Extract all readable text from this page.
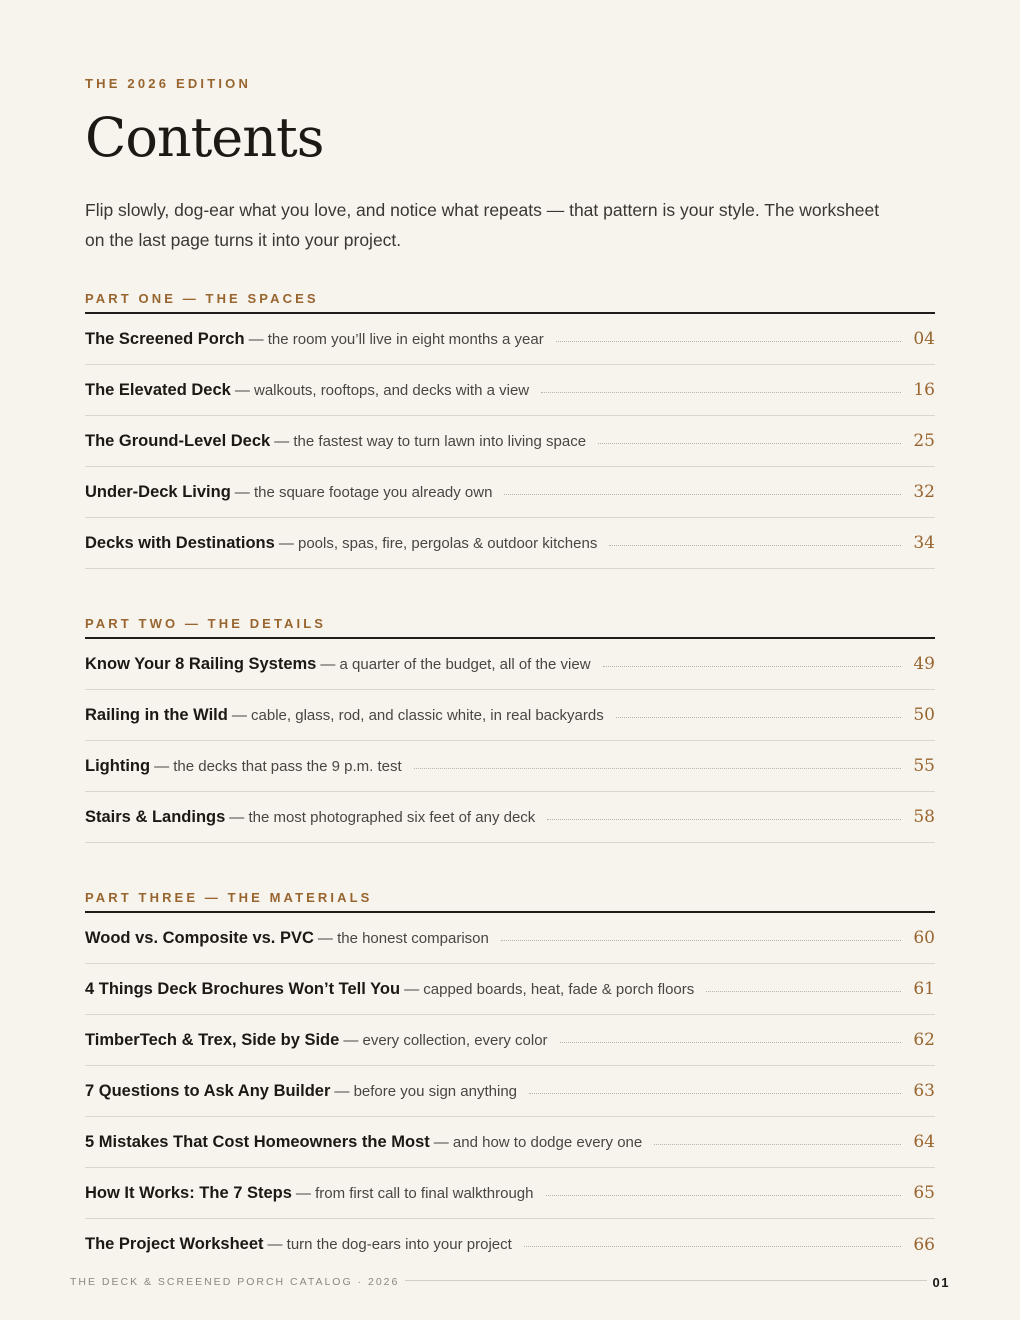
THE 2026 EDITION
Contents

Flip slowly, dog-ear what you love, and notice what repeats — that pattern is your style. The worksheet on the last page turns it into your project.

PART ONE — THE SPACES
The Screened Porch — the room you’ll live in eight months a year	04
The Elevated Deck — walkouts, rooftops, and decks with a view	16
The Ground-Level Deck — the fastest way to turn lawn into living space	25
Under-Deck Living — the square footage you already own	32
Decks with Destinations — pools, spas, fire, pergolas & outdoor kitchens	34
PART TWO — THE DETAILS
Know Your 8 Railing Systems — a quarter of the budget, all of the view	49
Railing in the Wild — cable, glass, rod, and classic white, in real backyards	50
Lighting — the decks that pass the 9 p.m. test	55
Stairs & Landings — the most photographed six feet of any deck	58
PART THREE — THE MATERIALS
Wood vs. Composite vs. PVC — the honest comparison	60
4 Things Deck Brochures Won’t Tell You — capped boards, heat, fade & porch floors	61
TimberTech & Trex, Side by Side — every collection, every color	62
7 Questions to Ask Any Builder — before you sign anything	63
5 Mistakes That Cost Homeowners the Most — and how to dodge every one	64
How It Works: The 7 Steps — from first call to final walkthrough	65
The Project Worksheet — turn the dog-ears into your project	66
THE DECK & SCREENED PORCH CATALOG · 2026	01
